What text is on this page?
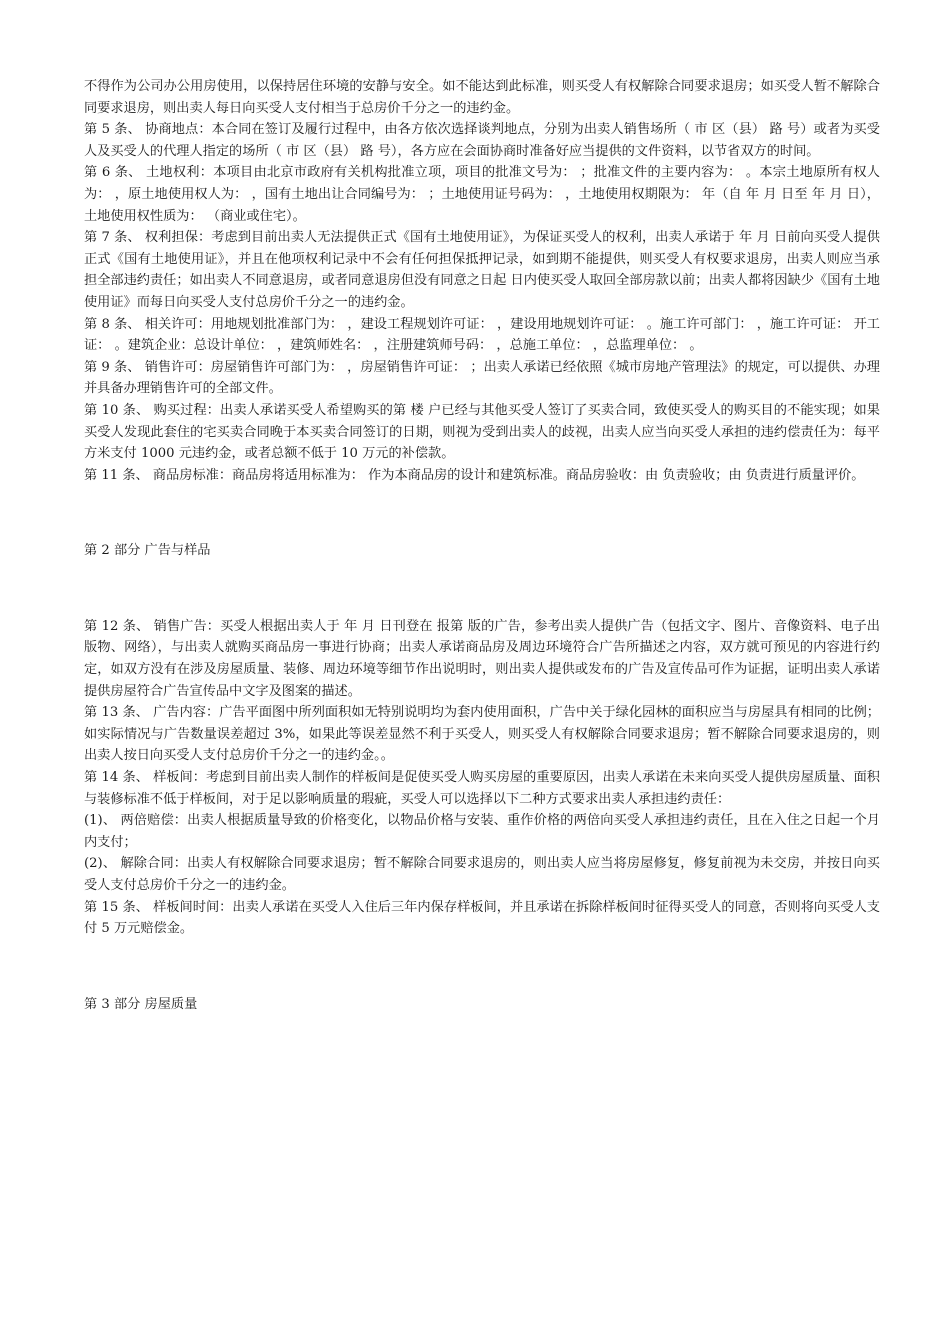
不得作为公司办公用房使用，以保持居住环境的安静与安全。如不能达到此标准，则买受人有权解除合同要求退房；如买受人暂不解除合同要求退房，则出卖人每日向买受人支付相当于总房价千分之一的违约金。

第 5 条、 协商地点：本合同在签订及履行过程中，由各方依次选择谈判地点，分别为出卖人销售场所（ 市 区（县） 路 号）或者为买受人及买受人的代理人指定的场所（ 市 区（县） 路 号），各方应在会面协商时准备好应当提供的文件资料，以节省双方的时间。

第 6 条、 土地权利：本项目由北京市政府有关机构批准立项，项目的批准文号为： ；批准文件的主要内容为： 。本宗土地原所有权人为： ，原土地使用权人为： ，国有土地出让合同编号为： ；土地使用证号码为： ，土地使用权期限为： 年（自 年 月 日至 年 月 日），土地使用权性质为： （商业或住宅）。

第 7 条、 权利担保：考虑到目前出卖人无法提供正式《国有土地使用证》，为保证买受人的权利，出卖人承诺于 年 月 日前向买受人提供正式《国有土地使用证》，并且在他项权利记录中不会有任何担保抵押记录，如到期不能提供，则买受人有权要求退房，出卖人则应当承担全部违约责任；如出卖人不同意退房，或者同意退房但没有同意之日起 日内使买受人取回全部房款以前；出卖人都将因缺少《国有土地使用证》而每日向买受人支付总房价千分之一的违约金。

第 8 条、 相关许可：用地规划批准部门为： ，建设工程规划许可证： ，建设用地规划许可证： 。施工许可部门： ，施工许可证： 开工证： 。建筑企业：总设计单位： ，建筑师姓名： ，注册建筑师号码： ，总施工单位： ，总监理单位： 。

第 9 条、 销售许可：房屋销售许可部门为： ，房屋销售许可证： ；出卖人承诺已经依照《城市房地产管理法》的规定，可以提供、办理并具备办理销售许可的全部文件。

第 10 条、 购买过程：出卖人承诺买受人希望购买的第 楼 户已经与其他买受人签订了买卖合同，致使买受人的购买目的不能实现；如果买受人发现此套住的宅买卖合同晚于本买卖合同签订的日期，则视为受到出卖人的歧视，出卖人应当向买受人承担的违约偿责任为：每平方米支付 1000 元违约金，或者总额不低于 10 万元的补偿款。

第 11 条、 商品房标准：商品房将适用标准为： 作为本商品房的设计和建筑标准。商品房验收：由 负责验收；由 负责进行质量评价。

第 2 部分 广告与样品

第 12 条、 销售广告：买受人根据出卖人于 年 月 日刊登在 报第 版的广告，参考出卖人提供广告（包括文字、图片、音像资料、电子出版物、网络），与出卖人就购买商品房一事进行协商；出卖人承诺商品房及周边环境符合广告所描述之内容，双方就可预见的内容进行约定，如双方没有在涉及房屋质量、装修、周边环境等细节作出说明时，则出卖人提供或发布的广告及宣传品可作为证据，证明出卖人承诺提供房屋符合广告宣传品中文字及图案的描述。

第 13 条、 广告内容：广告平面图中所列面积如无特别说明均为套内使用面积，广告中关于绿化园林的面积应当与房屋具有相同的比例；如实际情况与广告数量误差超过 3%，如果此等误差显然不利于买受人，则买受人有权解除合同要求退房；暂不解除合同要求退房的，则出卖人按日向买受人支付总房价千分之一的违约金。。

第 14 条、 样板间：考虑到目前出卖人制作的样板间是促使买受人购买房屋的重要原因，出卖人承诺在未来向买受人提供房屋质量、面积与装修标准不低于样板间，对于足以影响质量的瑕疵，买受人可以选择以下二种方式要求出卖人承担违约责任：

(1)、 两倍赔偿：出卖人根据质量导致的价格变化，以物品价格与安装、重作价格的两倍向买受人承担违约责任，且在入住之日起一个月内支付；

(2)、 解除合同：出卖人有权解除合同要求退房；暂不解除合同要求退房的，则出卖人应当将房屋修复，修复前视为未交房，并按日向买受人支付总房价千分之一的违约金。

第 15 条、 样板间时间：出卖人承诺在买受人入住后三年内保存样板间，并且承诺在拆除样板间时征得买受人的同意，否则将向买受人支付 5 万元赔偿金。

第 3 部分 房屋质量
